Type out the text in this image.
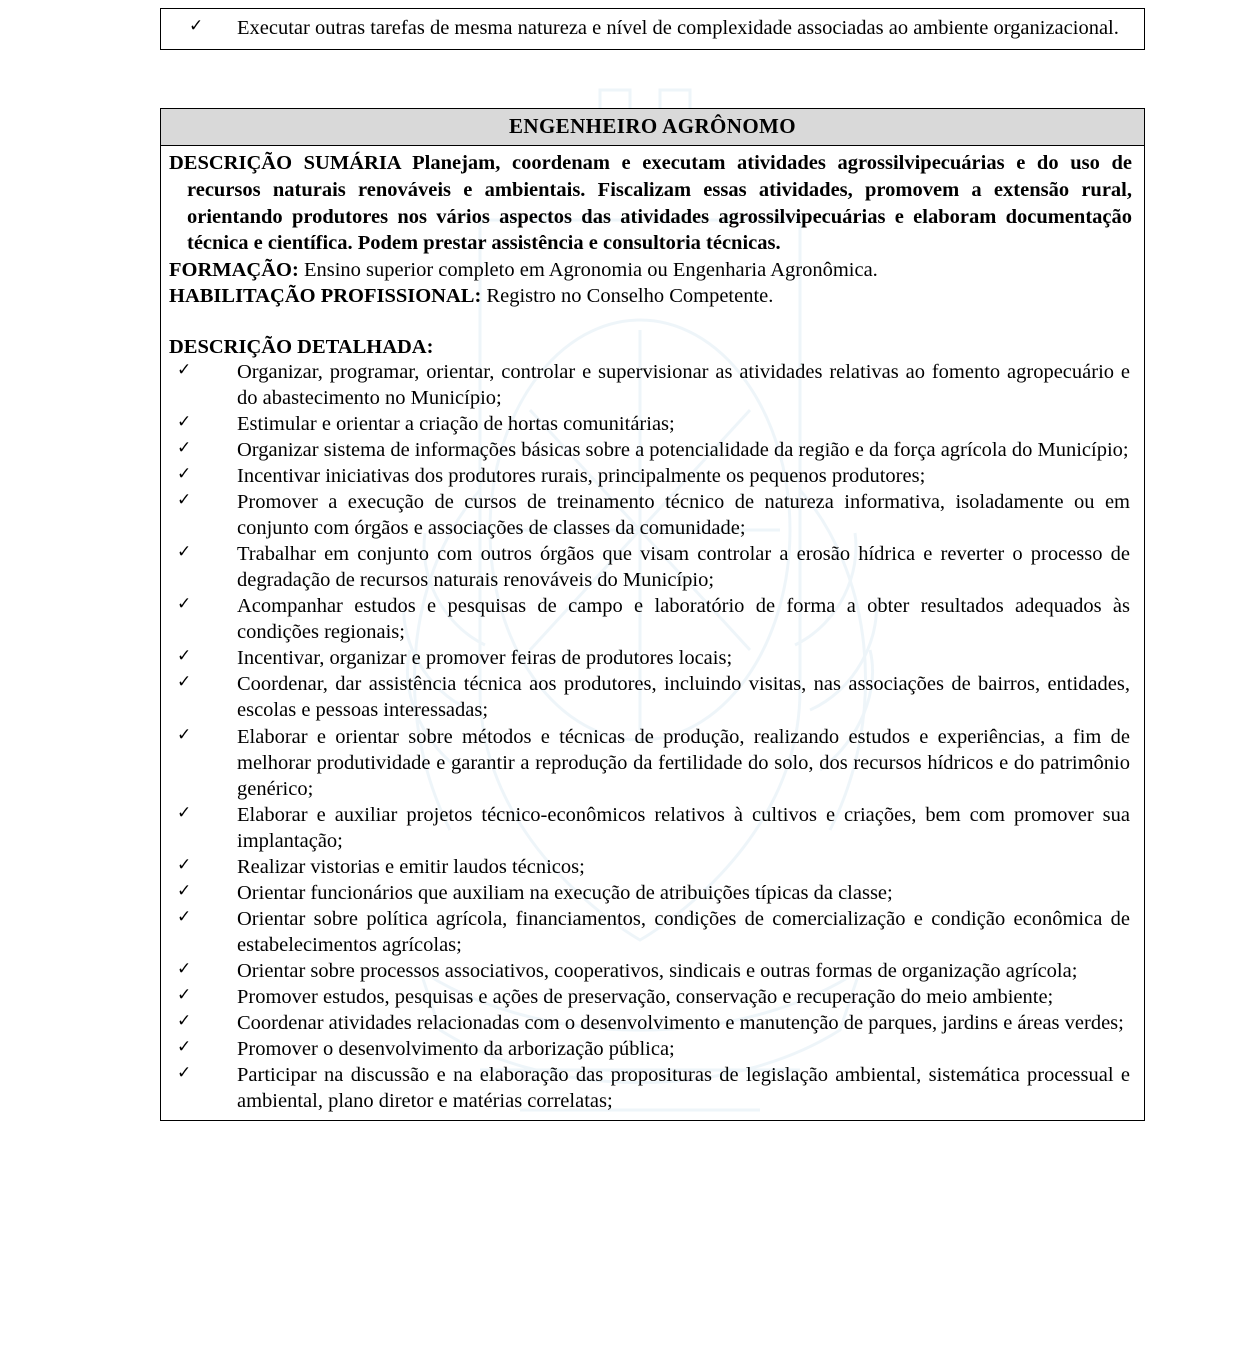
✓	Executar outras tarefas de mesma natureza e nível de complexidade associadas ao ambiente organizacional.
ENGENHEIRO AGRÔNOMO
DESCRIÇÃO SUMÁRIA Planejam, coordenam e executam atividades agrossilvipecuárias e do uso de recursos naturais renováveis e ambientais. Fiscalizam essas atividades, promovem a extensão rural, orientando produtores nos vários aspectos das atividades agrossilvipecuárias e elaboram documentação técnica e científica. Podem prestar assistência e consultoria técnicas.
FORMAÇÃO: Ensino superior completo em Agronomia ou Engenharia Agronômica.
HABILITAÇÃO PROFISSIONAL: Registro no Conselho Competente.
DESCRIÇÃO DETALHADA:
✓	Organizar, programar, orientar, controlar e supervisionar as atividades relativas ao fomento agropecuário e do abastecimento no Município;
✓	Estimular e orientar a criação de hortas comunitárias;
✓	Organizar sistema de informações básicas sobre a potencialidade da região e da força agrícola do Município;
✓	Incentivar iniciativas dos produtores rurais, principalmente os pequenos produtores;
✓	Promover a execução de cursos de treinamento técnico de natureza informativa, isoladamente ou em conjunto com órgãos e associações de classes da comunidade;
✓	Trabalhar em conjunto com outros órgãos que visam controlar a erosão hídrica e reverter o processo de degradação de recursos naturais renováveis do Município;
✓	Acompanhar estudos e pesquisas de campo e laboratório de forma a obter resultados adequados às condições regionais;
✓	Incentivar, organizar e promover feiras de produtores locais;
✓	Coordenar, dar assistência técnica aos produtores, incluindo visitas, nas associações de bairros, entidades, escolas e pessoas interessadas;
✓	Elaborar e orientar sobre métodos e técnicas de produção, realizando estudos e experiências, a fim de melhorar produtividade e garantir a reprodução da fertilidade do solo, dos recursos hídricos e do patrimônio genérico;
✓	Elaborar e auxiliar projetos técnico-econômicos relativos à cultivos e criações, bem com promover sua implantação;
✓	Realizar vistorias e emitir laudos técnicos;
✓	Orientar funcionários que auxiliam na execução de atribuições típicas da classe;
✓	Orientar sobre política agrícola, financiamentos, condições de comercialização e condição econômica de estabelecimentos agrícolas;
✓	Orientar sobre processos associativos, cooperativos, sindicais e outras formas de organização agrícola;
✓	Promover estudos, pesquisas e ações de preservação, conservação e recuperação do meio ambiente;
✓	Coordenar atividades relacionadas com o desenvolvimento e manutenção de parques, jardins e áreas verdes;
✓	Promover o desenvolvimento da arborização pública;
✓	Participar na discussão e na elaboração das proposituras de legislação ambiental, sistemática processual e ambiental, plano diretor e matérias correlatas;
